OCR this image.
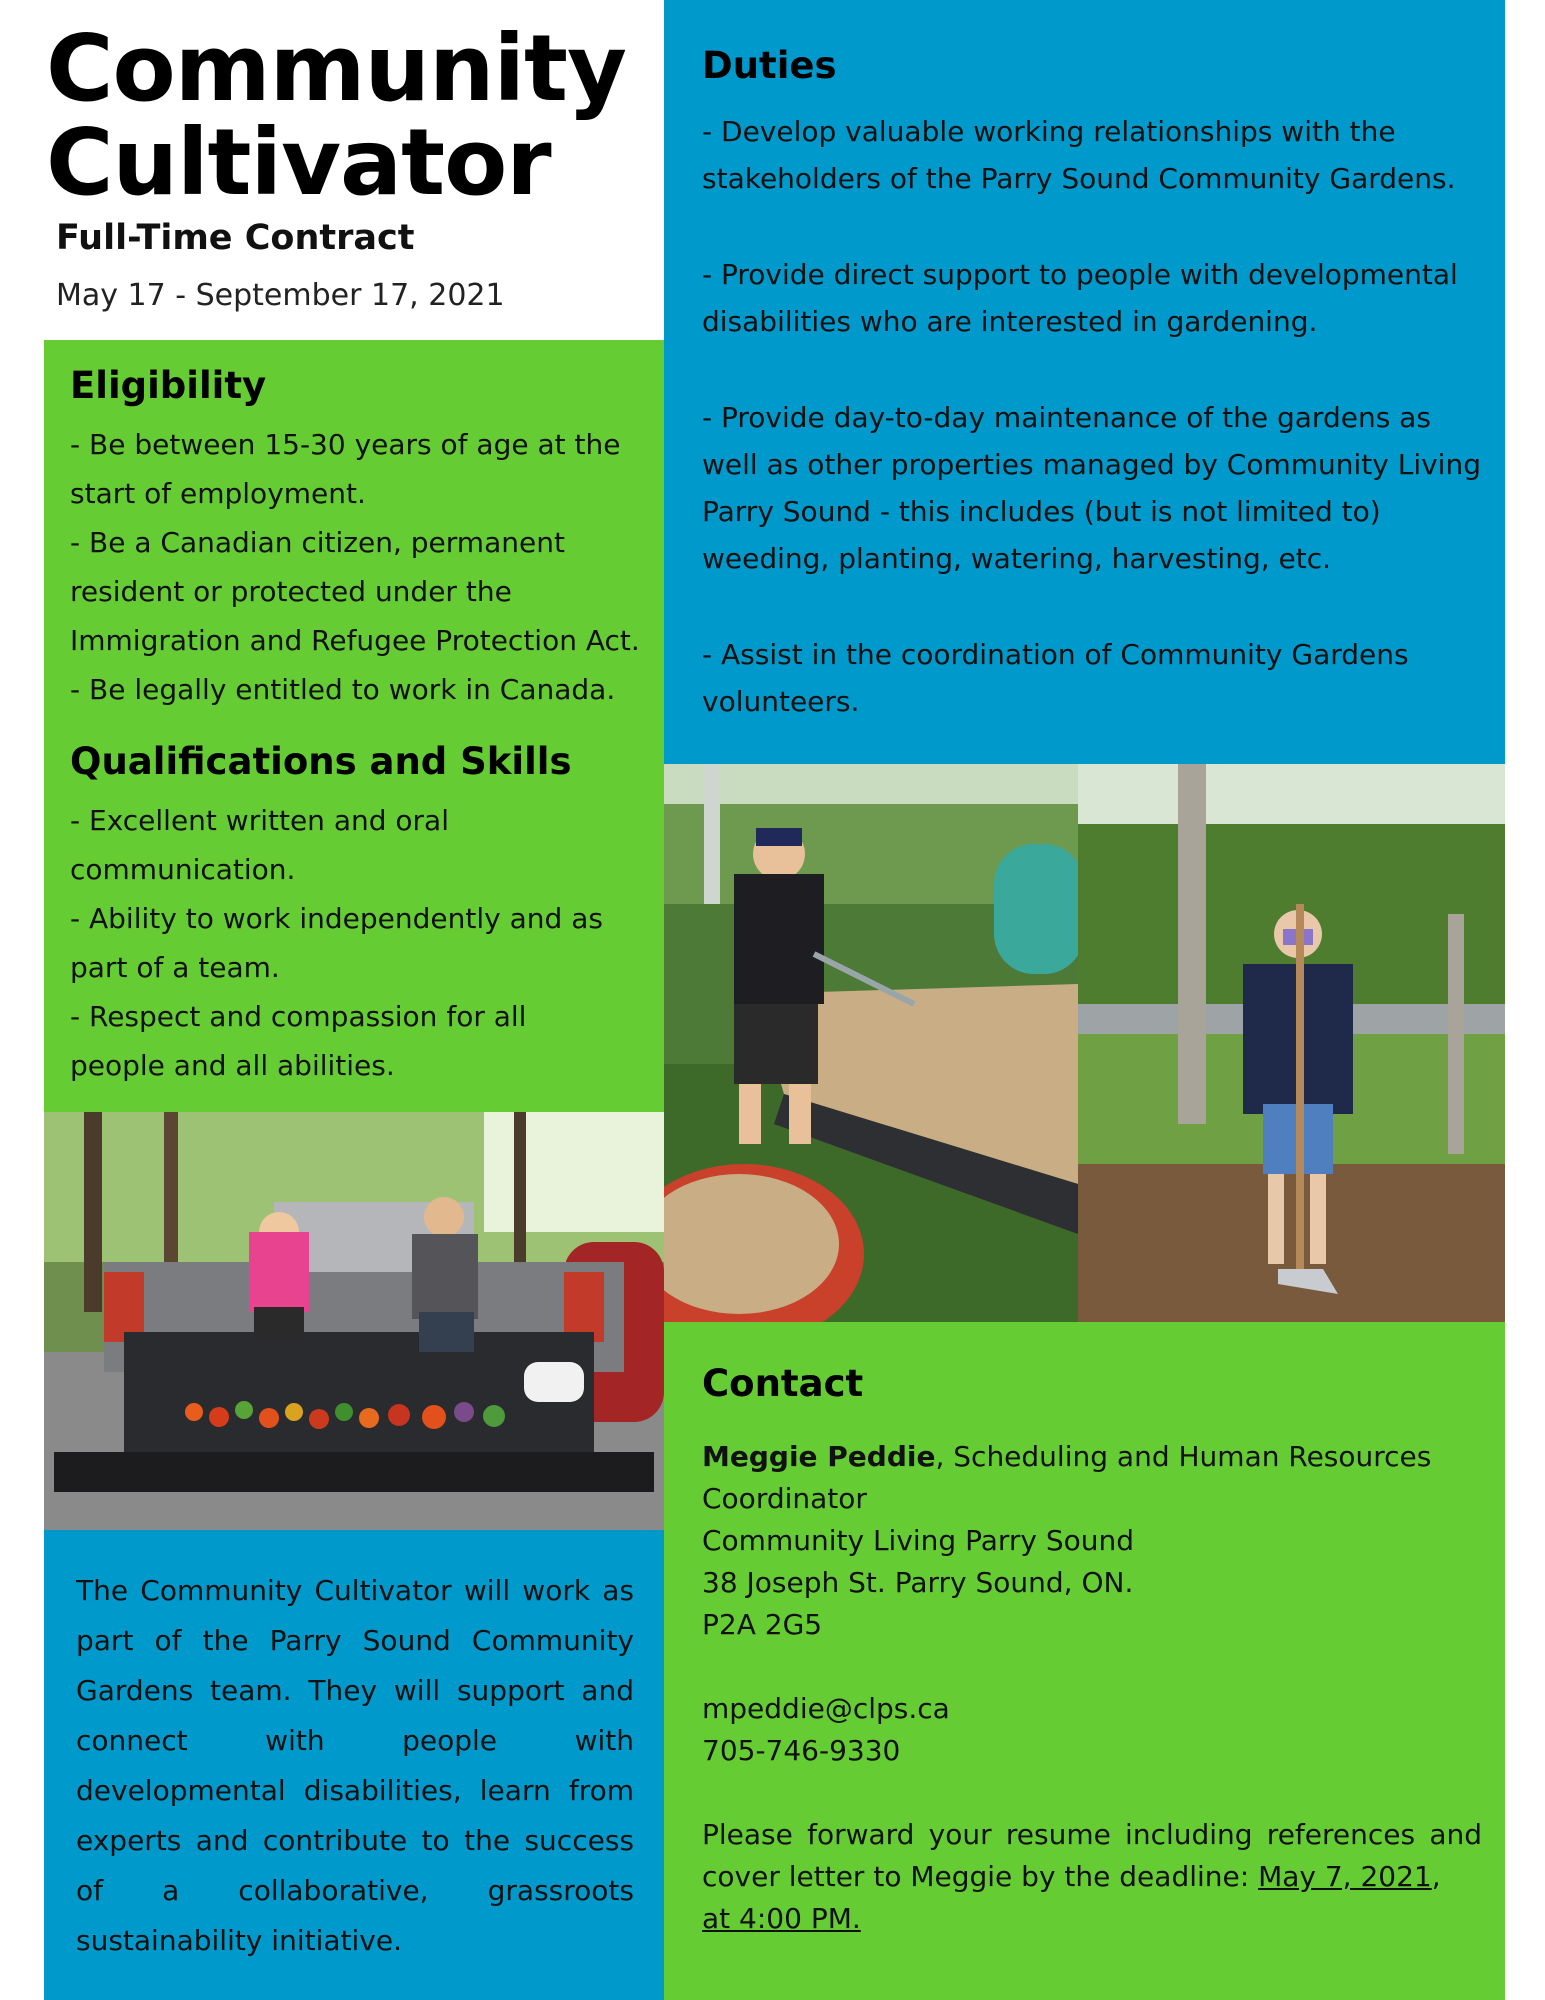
Community
Cultivator
Full-Time Contract
May 17 - September 17, 2021
Eligibility
- Be between 15-30 years of age at the start of employment.
- Be a Canadian citizen, permanent resident or protected under the Immigration and Refugee Protection Act.
- Be legally entitled to work in Canada.
Qualifications and Skills
- Excellent written and oral communication.
- Ability to work independently and as part of a team.
- Respect and compassion for all people and all abilities.
Duties
- Develop valuable working relationships with the stakeholders of the Parry Sound Community Gardens.
- Provide direct support to people with developmental disabilities who are interested in gardening.
- Provide day-to-day maintenance of the gardens as well as other properties managed by Community Living Parry Sound - this includes (but is not limited to) weeding, planting, watering, harvesting, etc.
- Assist in the coordination of Community Gardens volunteers.
The Community Cultivator will work as part of the Parry Sound Community Gardens team. They will support and connect with people with developmental disabilities, learn from experts and contribute to the success of a collaborative, grassroots sustainability initiative.
Contact
Meggie Peddie, Scheduling and Human Resources Coordinator
Community Living Parry Sound
38 Joseph St. Parry Sound, ON.
P2A 2G5
mpeddie@clps.ca
705-746-9330
Please forward your resume including references and cover letter to Meggie by the deadline: May 7, 2021,
at 4:00 PM.
